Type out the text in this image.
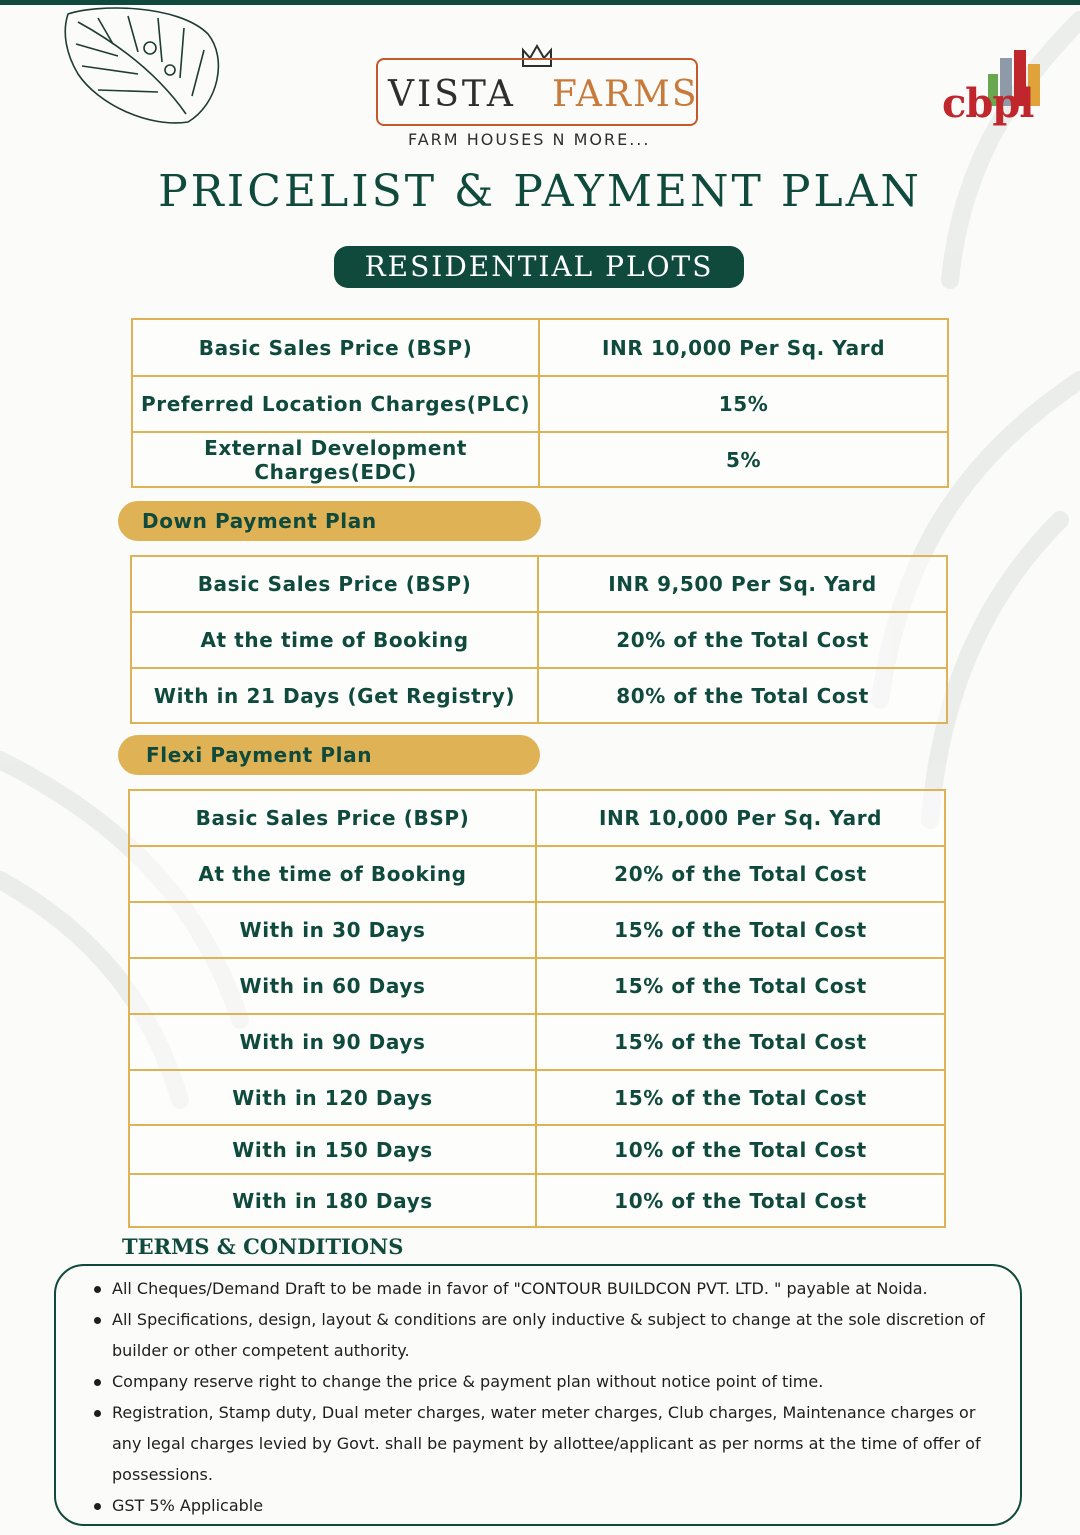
VISTA FARMS
FARM HOUSES N MORE...
cbpl
PRICELIST & PAYMENT PLAN
RESIDENTIAL PLOTS
Basic Sales Price (BSP)	INR 10,000 Per Sq. Yard
Preferred Location Charges(PLC)	15%
External Development Charges(EDC)	5%
Down Payment Plan
Basic Sales Price (BSP)	INR 9,500 Per Sq. Yard
At the time of Booking	20% of the Total Cost
With in 21 Days (Get Registry)	80% of the Total Cost
Flexi Payment Plan
Basic Sales Price (BSP)	INR 10,000 Per Sq. Yard
At the time of Booking	20% of the Total Cost
With in 30 Days	15% of the Total Cost
With in 60 Days	15% of the Total Cost
With in 90 Days	15% of the Total Cost
With in 120 Days	15% of the Total Cost
With in 150 Days	10% of the Total Cost
With in 180 Days	10% of the Total Cost
TERMS & CONDITIONS
All Cheques/Demand Draft to be made in favor of "CONTOUR BUILDCON PVT. LTD. " payable at Noida.
All Specifications, design, layout & conditions are only inductive & subject to change at the sole discretion of builder or other competent authority.
Company reserve right to change the price & payment plan without notice point of time.
Registration, Stamp duty, Dual meter charges, water meter charges, Club charges, Maintenance charges or any legal charges levied by Govt. shall be payment by allottee/applicant as per norms at the time of offer of possessions.
GST 5% Applicable
